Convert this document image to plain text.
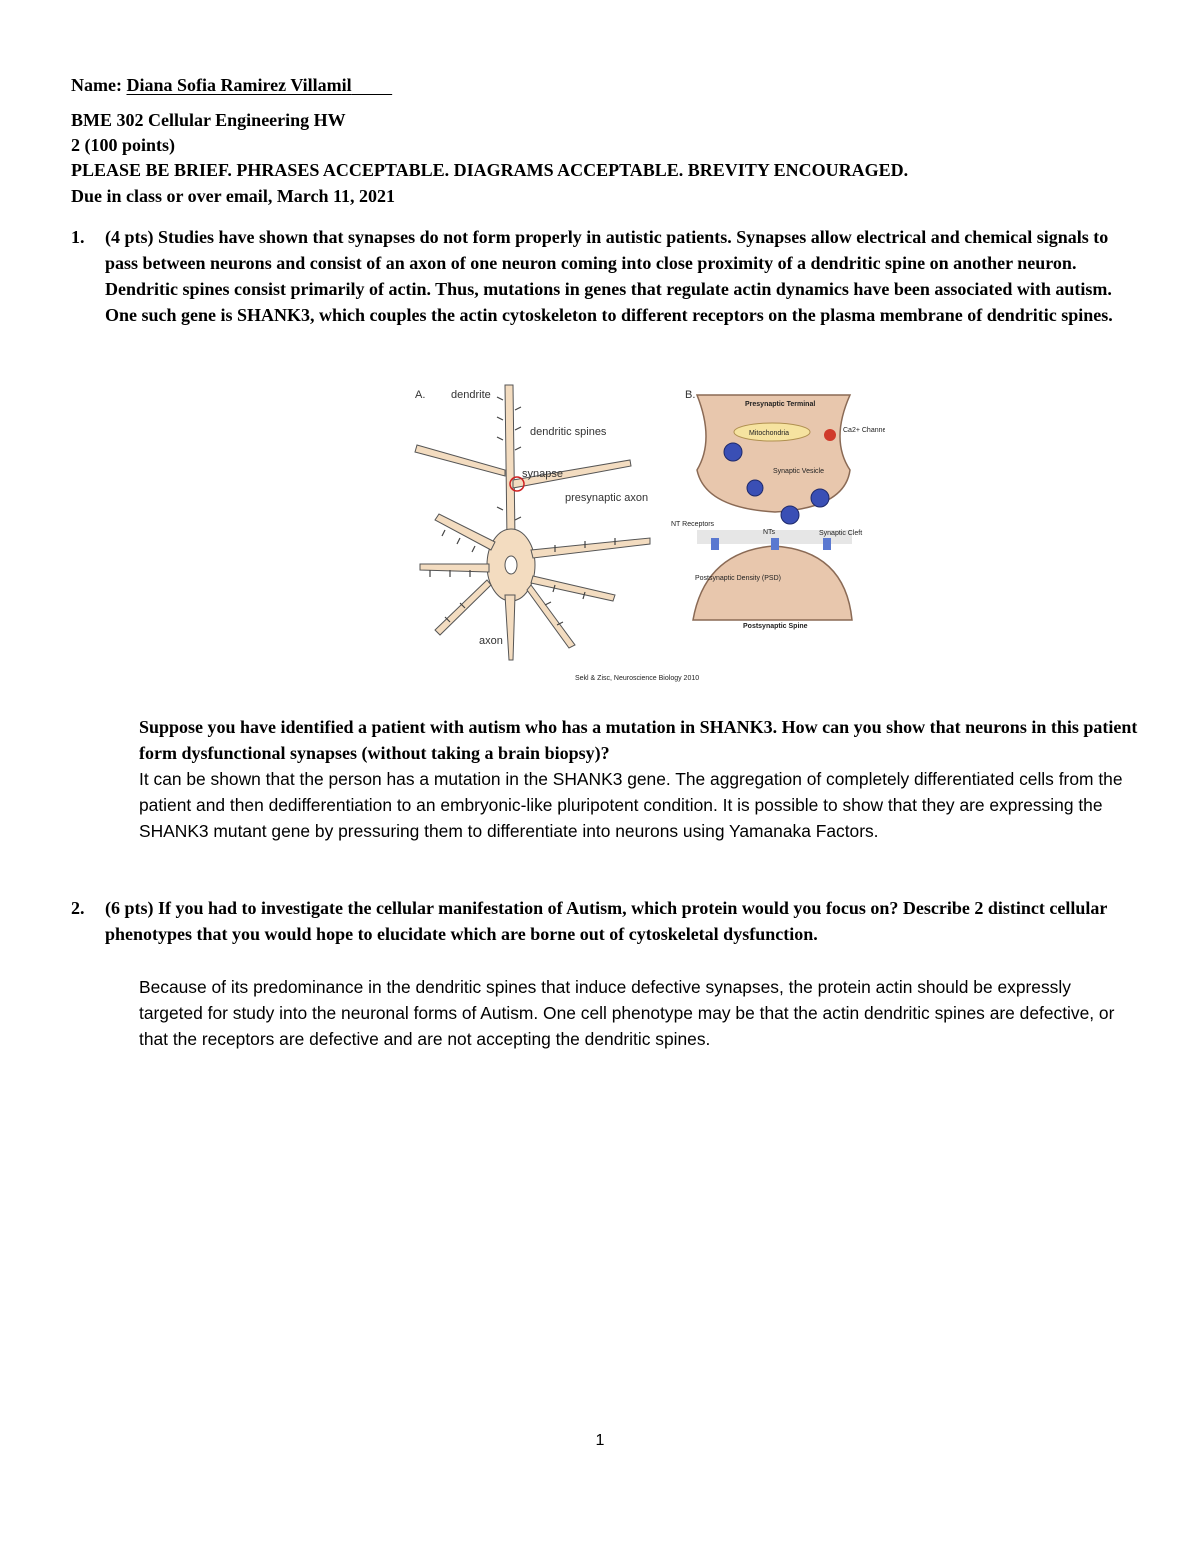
Name: Diana Sofia Ramirez Villamil
BME 302 Cellular Engineering HW
2 (100 points)
PLEASE BE BRIEF. PHRASES ACCEPTABLE. DIAGRAMS ACCEPTABLE. BREVITY ENCOURAGED.
Due in class or over email, March 11, 2021
1. (4 pts) Studies have shown that synapses do not form properly in autistic patients. Synapses allow electrical and chemical signals to pass between neurons and consist of an axon of one neuron coming into close proximity of a dendritic spine on another neuron. Dendritic spines consist primarily of actin. Thus, mutations in genes that regulate actin dynamics have been associated with autism. One such gene is SHANK3, which couples the actin cytoskeleton to different receptors on the plasma membrane of dendritic spines.
A. dendrite
dendritic spines
synapse
presynaptic axon
axon
B.
Presynaptic Terminal
Mitochondria	Ca2+ Channel
Synaptic Vesicle
NT Receptors
NTs	Synaptic Cleft
Postsynaptic Density (PSD)
Postsynaptic Spine
Sekl & Zisc, Neuroscience Biology 2010
Suppose you have identified a patient with autism who has a mutation in SHANK3. How can you show that neurons in this patient form dysfunctional synapses (without taking a brain biopsy)?
It can be shown that the person has a mutation in the SHANK3 gene. The aggregation of completely differentiated cells from the patient and then dedifferentiation to an embryonic-like pluripotent condition. It is possible to show that they are expressing the SHANK3 mutant gene by pressuring them to differentiate into neurons using Yamanaka Factors.
2. (6 pts) If you had to investigate the cellular manifestation of Autism, which protein would you focus on? Describe 2 distinct cellular phenotypes that you would hope to elucidate which are borne out of cytoskeletal dysfunction.
Because of its predominance in the dendritic spines that induce defective synapses, the protein actin should be expressly targeted for study into the neuronal forms of Autism. One cell phenotype may be that the actin dendritic spines are defective, or that the receptors are defective and are not accepting the dendritic spines.
1
